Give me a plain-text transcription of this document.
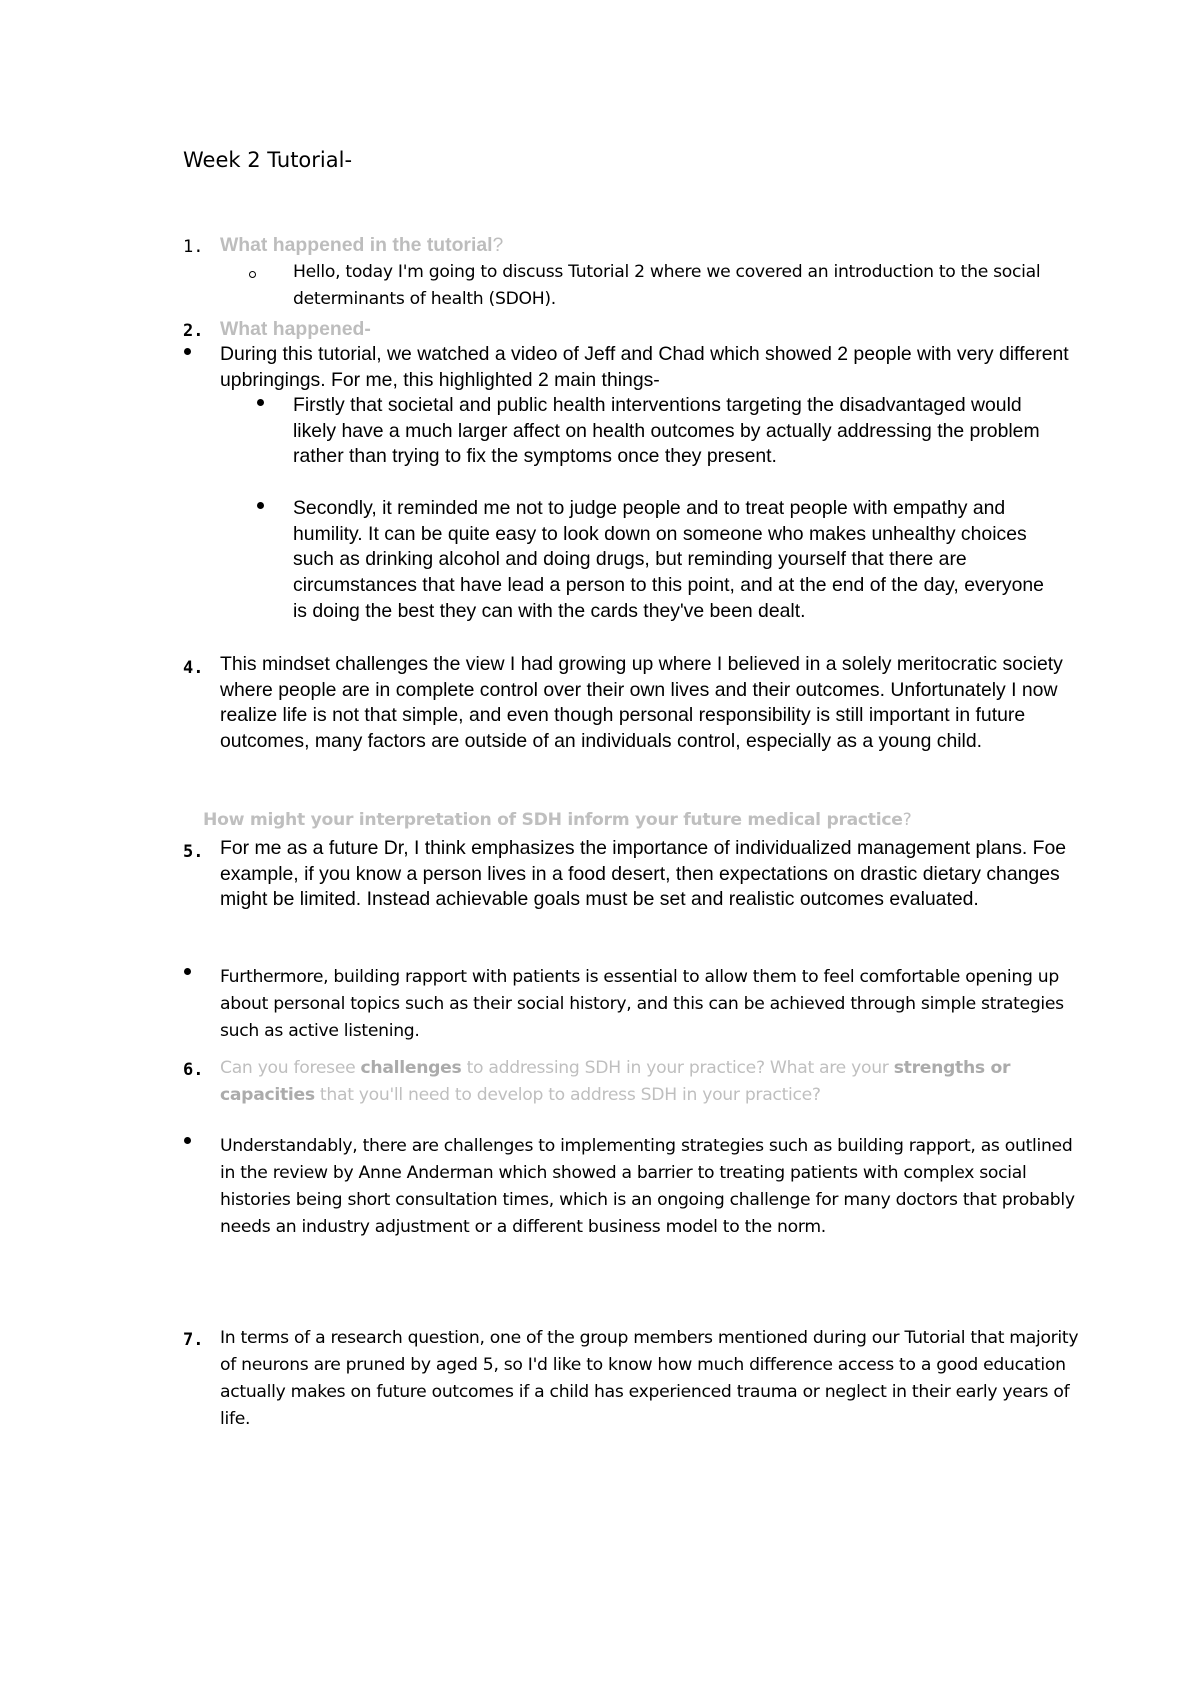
Week 2 Tutorial-
1. What happened in the tutorial?

Hello, today I'm going to discuss Tutorial 2 where we covered an introduction to the social determinants of health (SDOH).

2. What happened-

During this tutorial, we watched a video of Jeff and Chad which showed 2 people with very different upbringings. For me, this highlighted 2 main things-

Firstly that societal and public health interventions targeting the disadvantaged would likely have a much larger affect on health outcomes by actually addressing the problem rather than trying to fix the symptoms once they present.

Secondly, it reminded me not to judge people and to treat people with empathy and humility. It can be quite easy to look down on someone who makes unhealthy choices such as drinking alcohol and doing drugs, but reminding yourself that there are circumstances that have lead a person to this point, and at the end of the day, everyone is doing the best they can with the cards they've been dealt.

4. This mindset challenges the view I had growing up where I believed in a solely meritocratic society where people are in complete control over their own lives and their outcomes. Unfortunately I now realize life is not that simple, and even though personal responsibility is still important in future outcomes, many factors are outside of an individuals control, especially as a young child.

How might your interpretation of SDH inform your future medical practice?

5. For me as a future Dr, I think emphasizes the importance of individualized management plans. Foe example, if you know a person lives in a food desert, then expectations on drastic dietary changes might be limited. Instead achievable goals must be set and realistic outcomes evaluated.

Furthermore, building rapport with patients is essential to allow them to feel comfortable opening up about personal topics such as their social history, and this can be achieved through simple strategies such as active listening.

6. Can you foresee challenges to addressing SDH in your practice? What are your strengths or capacities that you'll need to develop to address SDH in your practice?

Understandably, there are challenges to implementing strategies such as building rapport, as outlined in the review by Anne Anderman which showed a barrier to treating patients with complex social histories being short consultation times, which is an ongoing challenge for many doctors that probably needs an industry adjustment or a different business model to the norm.

7. In terms of a research question, one of the group members mentioned during our Tutorial that majority of neurons are pruned by aged 5, so I'd like to know how much difference access to a good education actually makes on future outcomes if a child has experienced trauma or neglect in their early years of life.
